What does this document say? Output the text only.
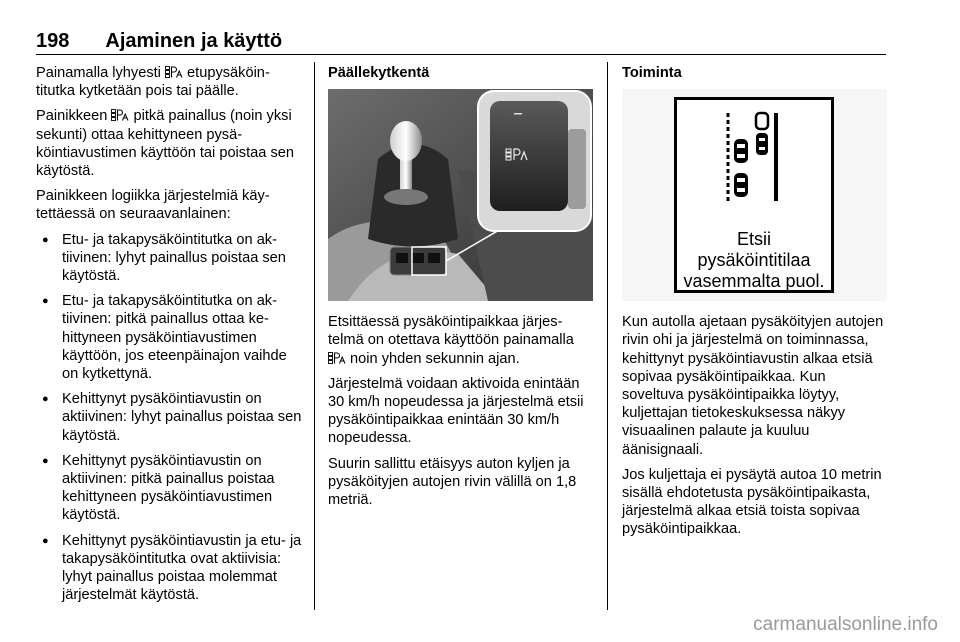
198 Ajaminen ja käyttö

Painamalla lyhyesti  etupysäköintitutka kytketään pois tai päälle.

Painikkeen  pitkä painallus (noin yksi sekunti) ottaa kehittyneen pysäköintiavustimen käyttöön tai poistaa sen käytöstä.

Painikkeen logiikka järjestelmiä käytettäessä on seuraavanlainen:

● Etu- ja takapysäköintitutka on aktiivinen: lyhyt painallus poistaa sen käytöstä.
● Etu- ja takapysäköintitutka on aktiivinen: pitkä painallus ottaa kehittyneen pysäköintiavustimen käyttöön, jos eteenpäinajon vaihde on kytkettynä.
● Kehittynyt pysäköintiavustin on aktiivinen: lyhyt painallus poistaa sen käytöstä.
● Kehittynyt pysäköintiavustin on aktiivinen: pitkä painallus poistaa kehittyneen pysäköintiavustimen käytöstä.
● Kehittynyt pysäköintiavustin ja etu- ja takapysäköintitutka ovat aktiivisia: lyhyt painallus poistaa molemmat järjestelmät käytöstä.
Päällekytkentä

Etsittäessä pysäköintipaikkaa järjestelmä on otettava käyttöön painamalla  noin yhden sekunnin ajan.

Järjestelmä voidaan aktivoida enintään 30 km/h nopeudessa ja järjestelmä etsii pysäköintipaikkaa enintään 30 km/h nopeudessa.

Suurin sallittu etäisyys auton kyljen ja pysäköityjen autojen rivin välillä on 1,8 metriä.

Toiminta
Etsii
pysäköintitilaa
vasemmalta puol.

Kun autolla ajetaan pysäköityjen autojen rivin ohi ja järjestelmä on toiminnassa, kehittynyt pysäköintiavustin alkaa etsiä sopivaa pysäköintipaikkaa. Kun soveltuva pysäköintipaikka löytyy, kuljettajan tietokeskuksessa näkyy visuaalinen palaute ja kuuluu äänisignaali.

Jos kuljettaja ei pysäytä autoa 10 metrin sisällä ehdotetusta pysäköintipaikasta, järjestelmä alkaa etsiä toista sopivaa pysäköintipaikkaa.

carmanualsonline.info
